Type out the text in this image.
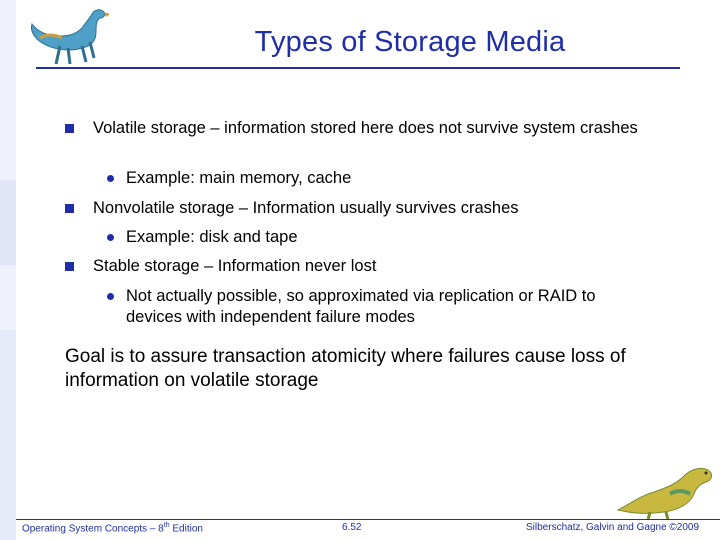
Types of Storage Media
Volatile storage – information stored here does not survive system crashes
Example: main memory, cache
Nonvolatile storage – Information usually survives crashes
Example: disk and tape
Stable storage – Information never lost
Not actually possible, so approximated via replication or RAID to devices with independent failure modes
Goal is to assure transaction atomicity where failures cause loss of information on volatile storage
Operating System Concepts – 8th Edition	6.52	Silberschatz, Galvin and Gagne ©2009
